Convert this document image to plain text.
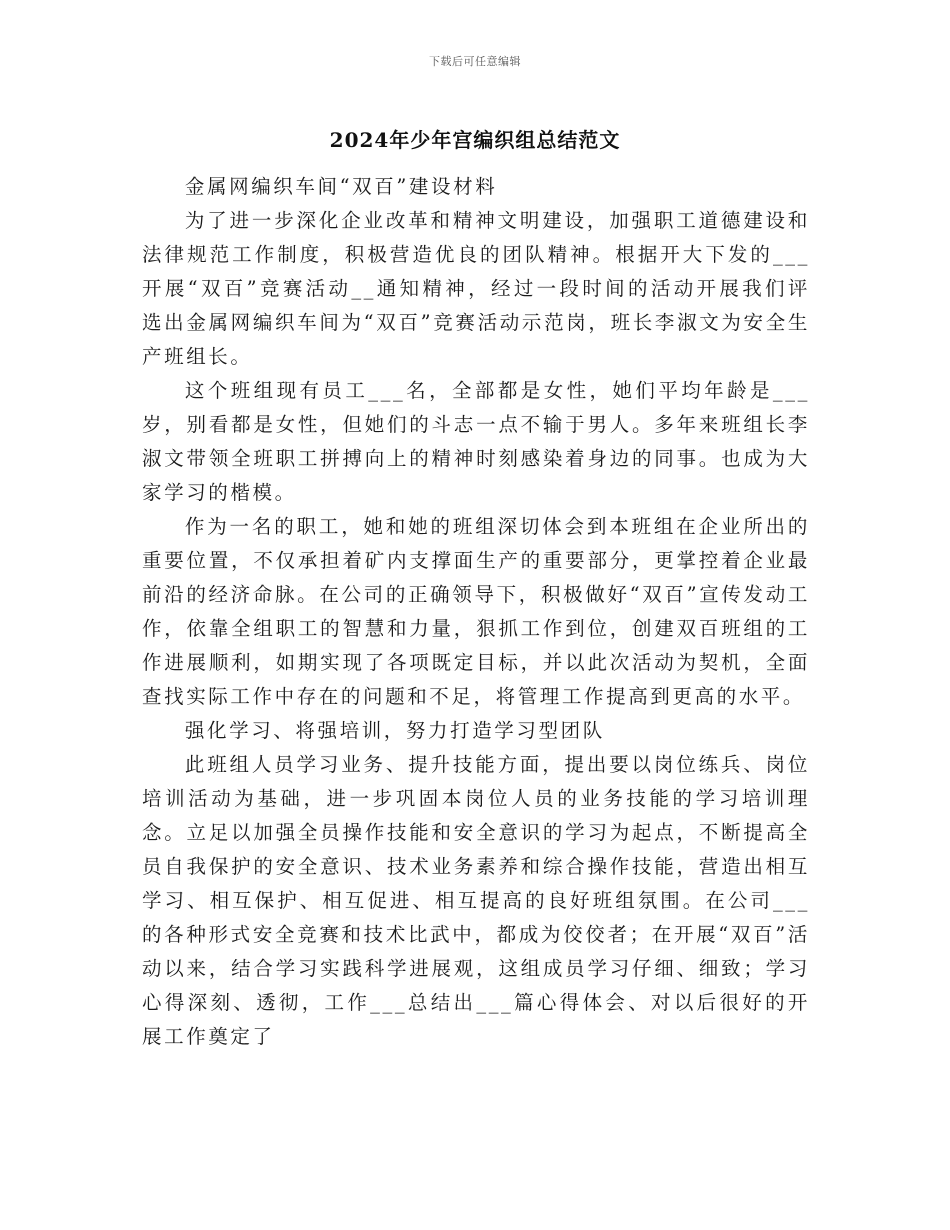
下载后可任意编辑
2024年少年宫编织组总结范文

金属网编织车间“双百”建设材料

为了进一步深化企业改革和精神文明建设，加强职工道德建设和法律规范工作制度，积极营造优良的团队精神。根据开大下发的___开展“双百”竞赛活动__通知精神，经过一段时间的活动开展我们评选出金属网编织车间为“双百”竞赛活动示范岗，班长李淑文为安全生产班组长。

这个班组现有员工___名，全部都是女性，她们平均年龄是___岁，别看都是女性，但她们的斗志一点不输于男人。多年来班组长李淑文带领全班职工拼搏向上的精神时刻感染着身边的同事。也成为大家学习的楷模。

作为一名的职工，她和她的班组深切体会到本班组在企业所出的重要位置，不仅承担着矿内支撑面生产的重要部分，更掌控着企业最前沿的经济命脉。在公司的正确领导下，积极做好“双百”宣传发动工作，依靠全组职工的智慧和力量，狠抓工作到位，创建双百班组的工作进展顺利，如期实现了各项既定目标，并以此次活动为契机，全面查找实际工作中存在的问题和不足，将管理工作提高到更高的水平。

强化学习、将强培训，努力打造学习型团队

此班组人员学习业务、提升技能方面，提出要以岗位练兵、岗位培训活动为基础，进一步巩固本岗位人员的业务技能的学习培训理念。立足以加强全员操作技能和安全意识的学习为起点，不断提高全员自我保护的安全意识、技术业务素养和综合操作技能，营造出相互学习、相互保护、相互促进、相互提高的良好班组氛围。在公司___的各种形式安全竞赛和技术比武中，都成为佼佼者；在开展“双百”活动以来，结合学习实践科学进展观，这组成员学习仔细、细致；学习心得深刻、透彻，工作___总结出___篇心得体会、对以后很好的开展工作奠定了
